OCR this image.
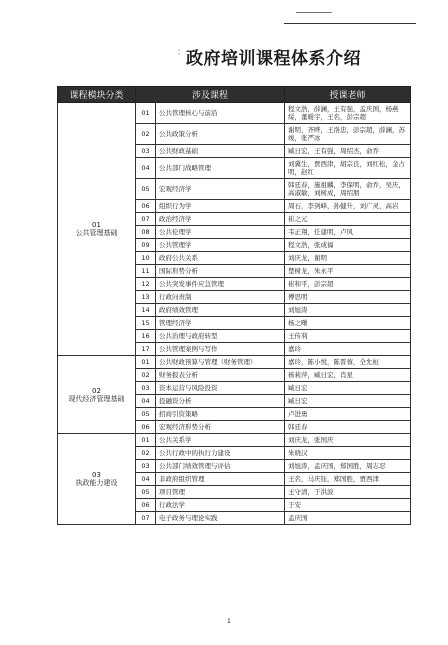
∶ 政府培训课程体系介绍
课程模块分类	涉及课程		授课老师

01
公共管理基础	01	公共管理核心与前沿	程文浩，薛澜，王有强，孟庆国，杨燕绥，董暖宇，王名，彭宗超
	02	公共政策分析	谢明，齐晔，王洛忠，彭宗超，薛澜，苏竣，张严冰
	03	公共财政基础	臧日宏，王有强，周绍杰，俞乔
	04	公共部门战略管理	刘冀生，贾西津，胡宗良，刘红松，金占明，赵红
	05	宏观经济学	韩廷春，施祖麟，李保明，俞乔，吴庆，高淑敏，刘树成，周绍朋
	06	组织行为学	周石，李剑峰，孙健升，刘广灵，高岩
	07	政治经济学	崔之元
	08	公共伦理学	韦正翔，任建明，卢风
	09	公共管理学	程文浩，张成福
	10	政府公共关系	刘庆龙，谢明
	11	国际形势分析	楚树龙，朱永平
	12	公共突发事件应急管理	崔和平，彭宗超
	13	行政问责制	傅思明
	14	政府绩效管理	刘旭涛
	15	管理经济学	杨之曙
	16	公共治理与政府转型	王传利
	17	公共管理案例与写作	嘉玲

02
现代经济管理基础	01	公共财政预算与管理（财务管理）	嘉玲，陈小悦，陈晋蓉，全允桓
	02	财务报表分析	杨莉萍，臧日宏，肖星
	03	资本运营与风险投资	臧日宏
	04	投融资分析	臧日宏
	05	招商引资策略	卢进勇
	06	宏观经济形势分析	韩廷春

03
执政能力建设	01	公共关系学	刘庆龙，张国庆
	02	公共行政中的执行力建设	朱晓汉
	03	公共部门绩效管理与评估	刘旭涛，孟庆国，郑国胜，周志忍
	04	非政府组织管理	王名，马庆钰，郑国胜，贾西津
	05	项目管理	王守清，于洪波
	06	行政法学	于安
	07	电子政务与理论实践	孟庆国
1
